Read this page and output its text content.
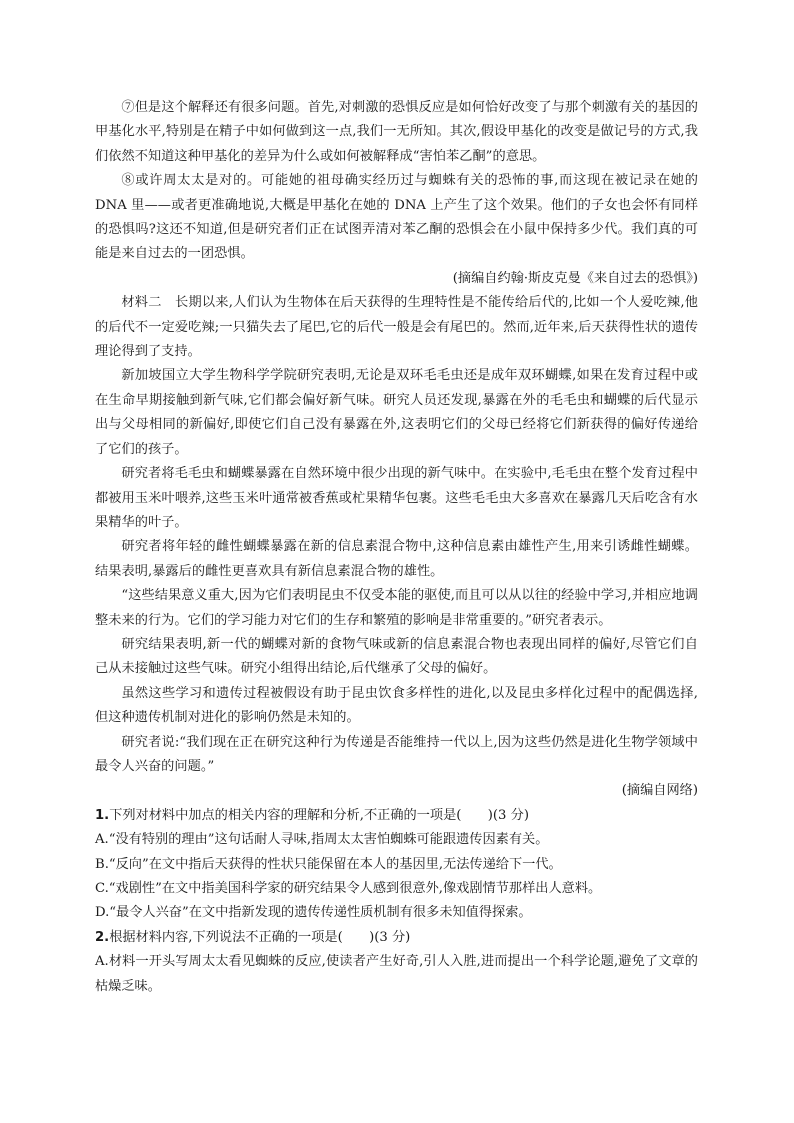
⑦但是这个解释还有很多问题。首先,对刺激的恐惧反应是如何恰好改变了与那个刺激有关的基因的甲基化水平,特别是在精子中如何做到这一点,我们一无所知。其次,假设甲基化的改变是做记号的方式,我们依然不知道这种甲基化的差异为什么或如何被解释成“害怕苯乙酮”的意思。

⑧或许周太太是对的。可能她的祖母确实经历过与蜘蛛有关的恐怖的事,而这现在被记录在她的 DNA 里——或者更准确地说,大概是甲基化在她的 DNA 上产生了这个效果。他们的子女也会怀有同样的恐惧吗?这还不知道,但是研究者们正在试图弄清对苯乙酮的恐惧会在小鼠中保持多少代。我们真的可能是来自过去的一团恐惧。

(摘编自约翰·斯皮克曼《来自过去的恐惧》)

材料二　长期以来,人们认为生物体在后天获得的生理特性是不能传给后代的,比如一个人爱吃辣,他的后代不一定爱吃辣;一只猫失去了尾巴,它的后代一般是会有尾巴的。然而,近年来,后天获得性状的遗传理论得到了支持。

新加坡国立大学生物科学学院研究表明,无论是双环毛毛虫还是成年双环蝴蝶,如果在发育过程中或在生命早期接触到新气味,它们都会偏好新气味。研究人员还发现,暴露在外的毛毛虫和蝴蝶的后代显示出与父母相同的新偏好,即使它们自己没有暴露在外,这表明它们的父母已经将它们新获得的偏好传递给了它们的孩子。

研究者将毛毛虫和蝴蝶暴露在自然环境中很少出现的新气味中。在实验中,毛毛虫在整个发育过程中都被用玉米叶喂养,这些玉米叶通常被香蕉或杧果精华包裹。这些毛毛虫大多喜欢在暴露几天后吃含有水果精华的叶子。

研究者将年轻的雌性蝴蝶暴露在新的信息素混合物中,这种信息素由雄性产生,用来引诱雌性蝴蝶。结果表明,暴露后的雌性更喜欢具有新信息素混合物的雄性。

“这些结果意义重大,因为它们表明昆虫不仅受本能的驱使,而且可以从以往的经验中学习,并相应地调整未来的行为。它们的学习能力对它们的生存和繁殖的影响是非常重要的。”研究者表示。

研究结果表明,新一代的蝴蝶对新的食物气味或新的信息素混合物也表现出同样的偏好,尽管它们自己从未接触过这些气味。研究小组得出结论,后代继承了父母的偏好。

虽然这些学习和遗传过程被假设有助于昆虫饮食多样性的进化,以及昆虫多样化过程中的配偶选择,但这种遗传机制对进化的影响仍然是未知的。

研究者说:“我们现在正在研究这种行为传递是否能维持一代以上,因为这些仍然是进化生物学领域中最令人兴奋的问题。”

(摘编自网络)

1.下列对材料中加点的相关内容的理解和分析,不正确的一项是(　　)(3 分)

A.“没有特别的理由”这句话耐人寻味,指周太太害怕蜘蛛可能跟遗传因素有关。

B.“反向”在文中指后天获得的性状只能保留在本人的基因里,无法传递给下一代。

C.“戏剧性”在文中指美国科学家的研究结果令人感到很意外,像戏剧情节那样出人意料。

D.“最令人兴奋”在文中指新发现的遗传传递性质机制有很多未知值得探索。

2.根据材料内容,下列说法不正确的一项是(　　)(3 分)

A.材料一开头写周太太看见蜘蛛的反应,使读者产生好奇,引人入胜,进而提出一个科学论题,避免了文章的枯燥乏味。
